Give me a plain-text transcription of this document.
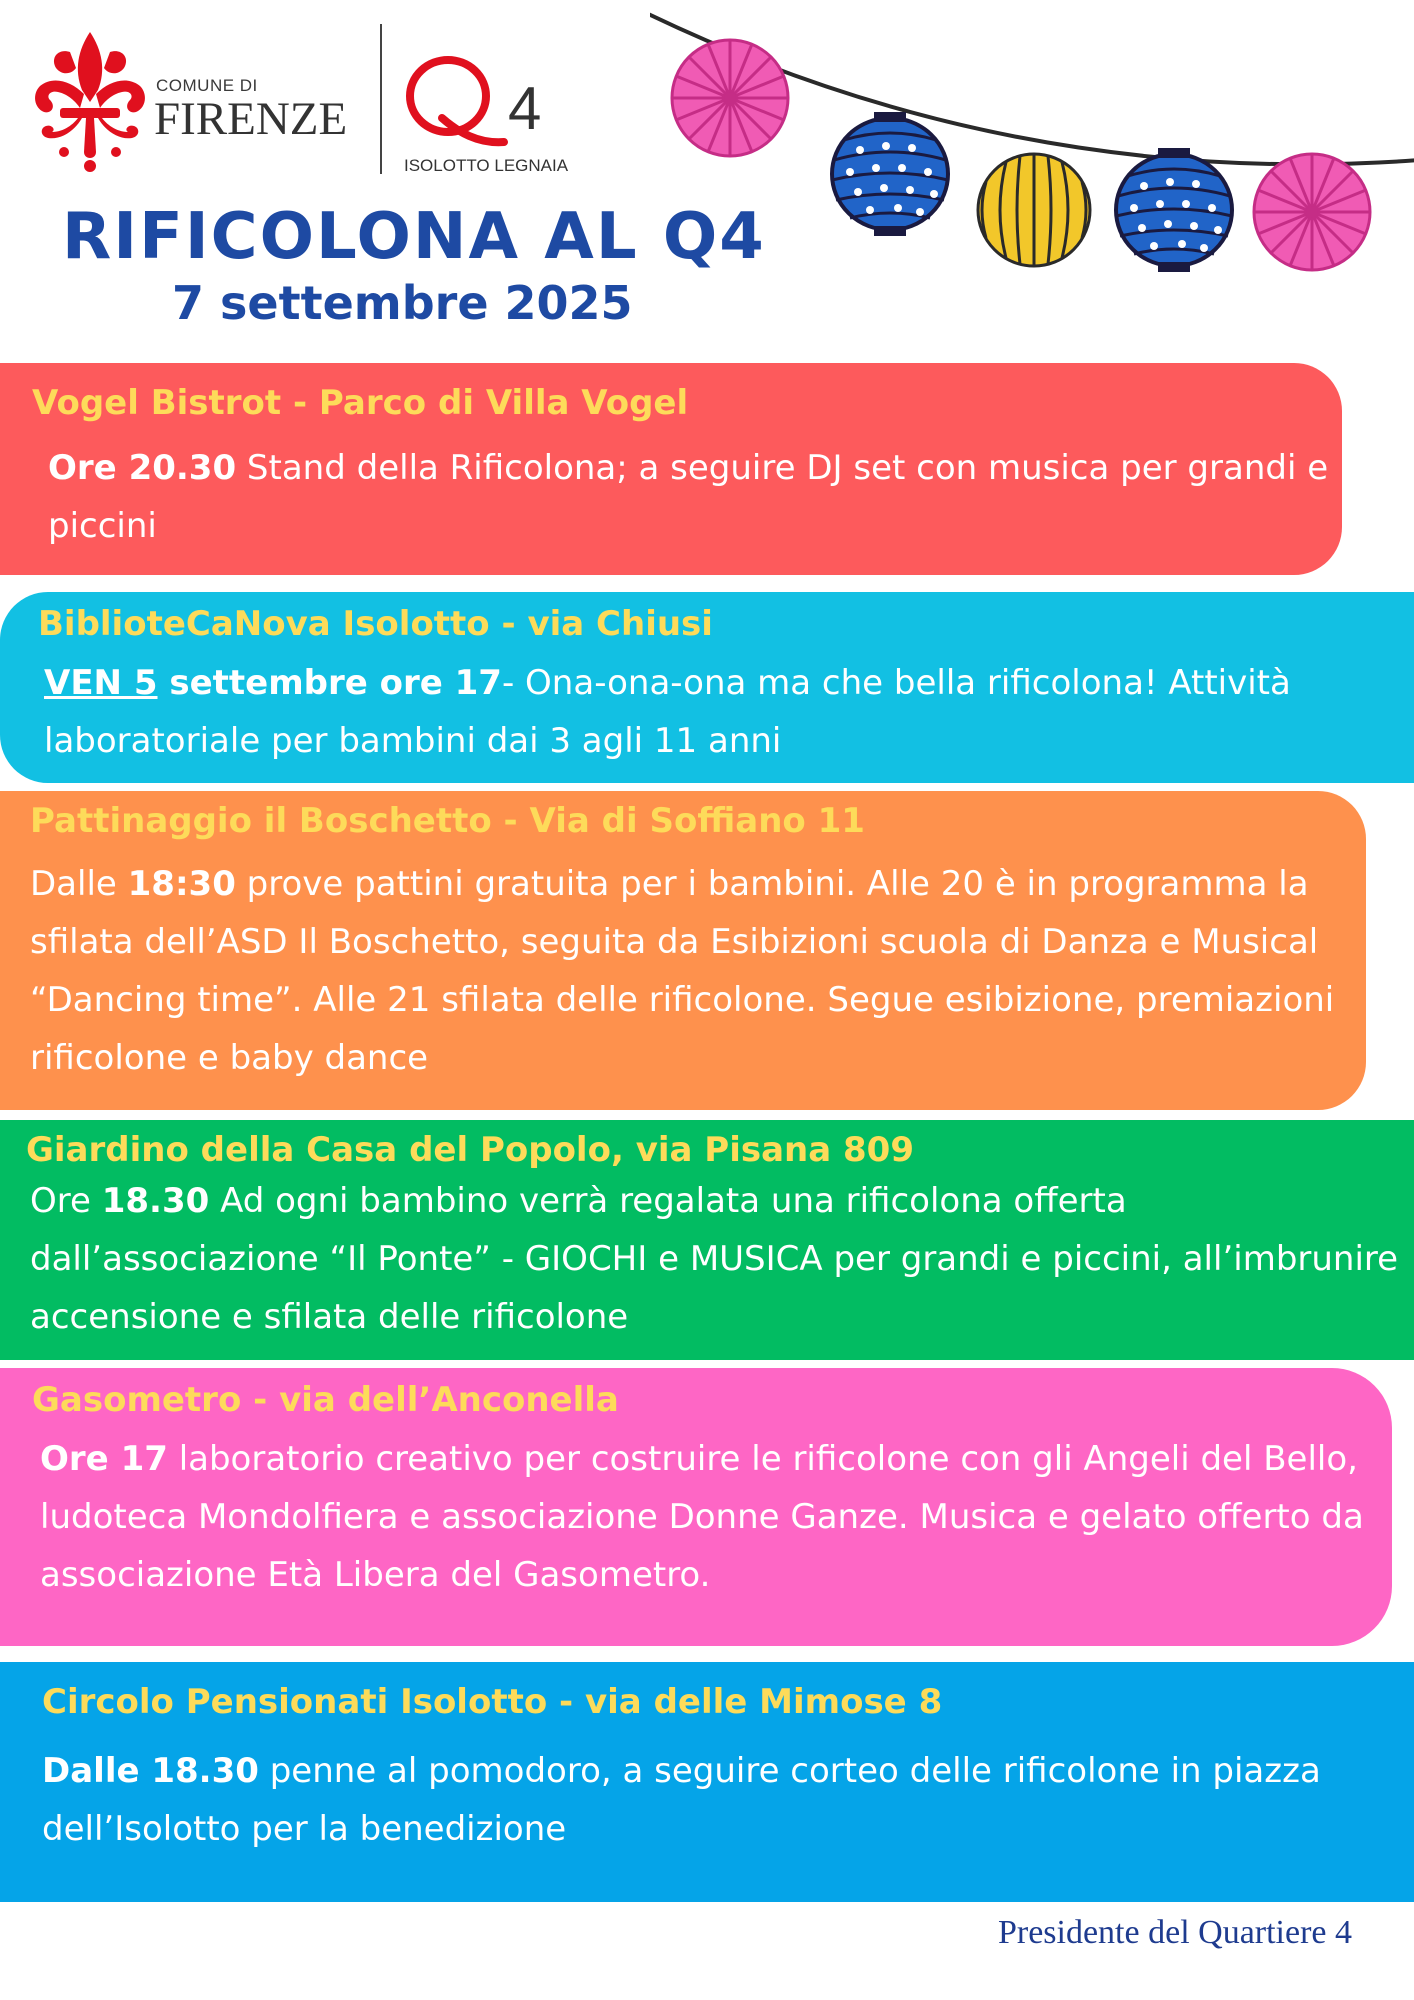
COMUNE DI
FIRENZE	4
ISOLOTTO LEGNAIA
RIFICOLONA AL Q4
7 settembre 2025
Vogel Bistrot - Parco di Villa Vogel
Ore 20.30 Stand della Rificolona; a seguire DJ set con musica per grandi e piccini
BiblioteCaNova Isolotto - via Chiusi
VEN 5 settembre ore 17- Ona-ona-ona ma che bella rificolona! Attività laboratoriale per bambini dai 3 agli 11 anni
Pattinaggio il Boschetto - Via di Soffiano 11
Dalle 18:30 prove pattini gratuita per i bambini. Alle 20 è in programma la sfilata dell’ASD Il Boschetto, seguita da Esibizioni scuola di Danza e Musical “Dancing time”. Alle 21 sfilata delle rificolone. Segue esibizione, premiazioni rificolone e baby dance
Giardino della Casa del Popolo, via Pisana 809
Ore 18.30 Ad ogni bambino verrà regalata una rificolona offerta dall’associazione “Il Ponte” - GIOCHI e MUSICA per grandi e piccini, all’imbrunire accensione e sfilata delle rificolone
Gasometro - via dell’Anconella
Ore 17 laboratorio creativo per costruire le rificolone con gli Angeli del Bello, ludoteca Mondolfiera e associazione Donne Ganze. Musica e gelato offerto da associazione Età Libera del Gasometro.
Circolo Pensionati Isolotto - via delle Mimose 8
Dalle 18.30 penne al pomodoro, a seguire corteo delle rificolone in piazza dell’Isolotto per la benedizione
Presidente del Quartiere 4
